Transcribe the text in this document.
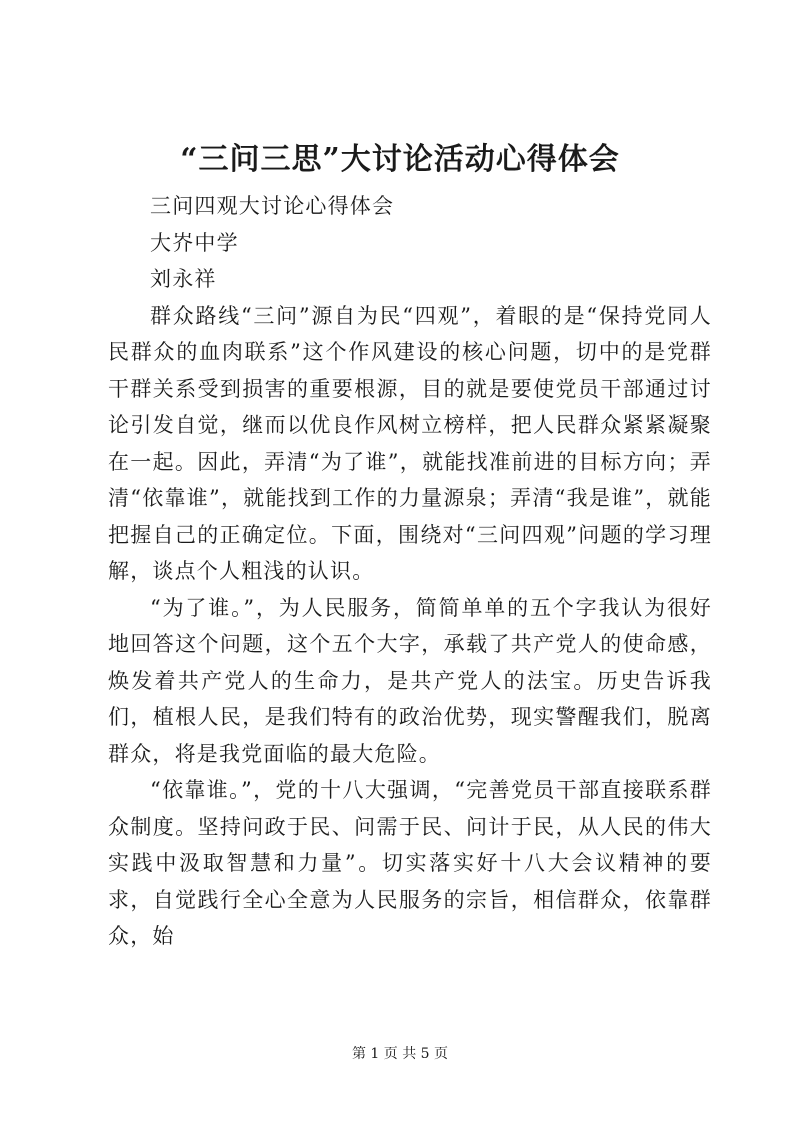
“三问三思”大讨论活动心得体会

三问四观大讨论心得体会

大岕中学

刘永祥

群众路线“三问”源自为民“四观”，着眼的是“保持党同人民群众的血肉联系”这个作风建设的核心问题，切中的是党群干群关系受到损害的重要根源，目的就是要使党员干部通过讨论引发自觉，继而以优良作风树立榜样，把人民群众紧紧凝聚在一起。因此，弄清“为了谁”，就能找准前进的目标方向；弄清“依靠谁”，就能找到工作的力量源泉；弄清“我是谁”，就能把握自己的正确定位。下面，围绕对“三问四观”问题的学习理解，谈点个人粗浅的认识。

“为了谁。”，为人民服务，简简单单的五个字我认为很好地回答这个问题，这个五个大字，承载了共产党人的使命感，焕发着共产党人的生命力，是共产党人的法宝。历史告诉我们，植根人民，是我们特有的政治优势，现实警醒我们，脱离群众，将是我党面临的最大危险。

“依靠谁。”，党的十八大强调，“完善党员干部直接联系群众制度。坚持问政于民、问需于民、问计于民，从人民的伟大实践中汲取智慧和力量”。切实落实好十八大会议精神的要求，自觉践行全心全意为人民服务的宗旨，相信群众，依靠群众，始

第 1 页 共 5 页
